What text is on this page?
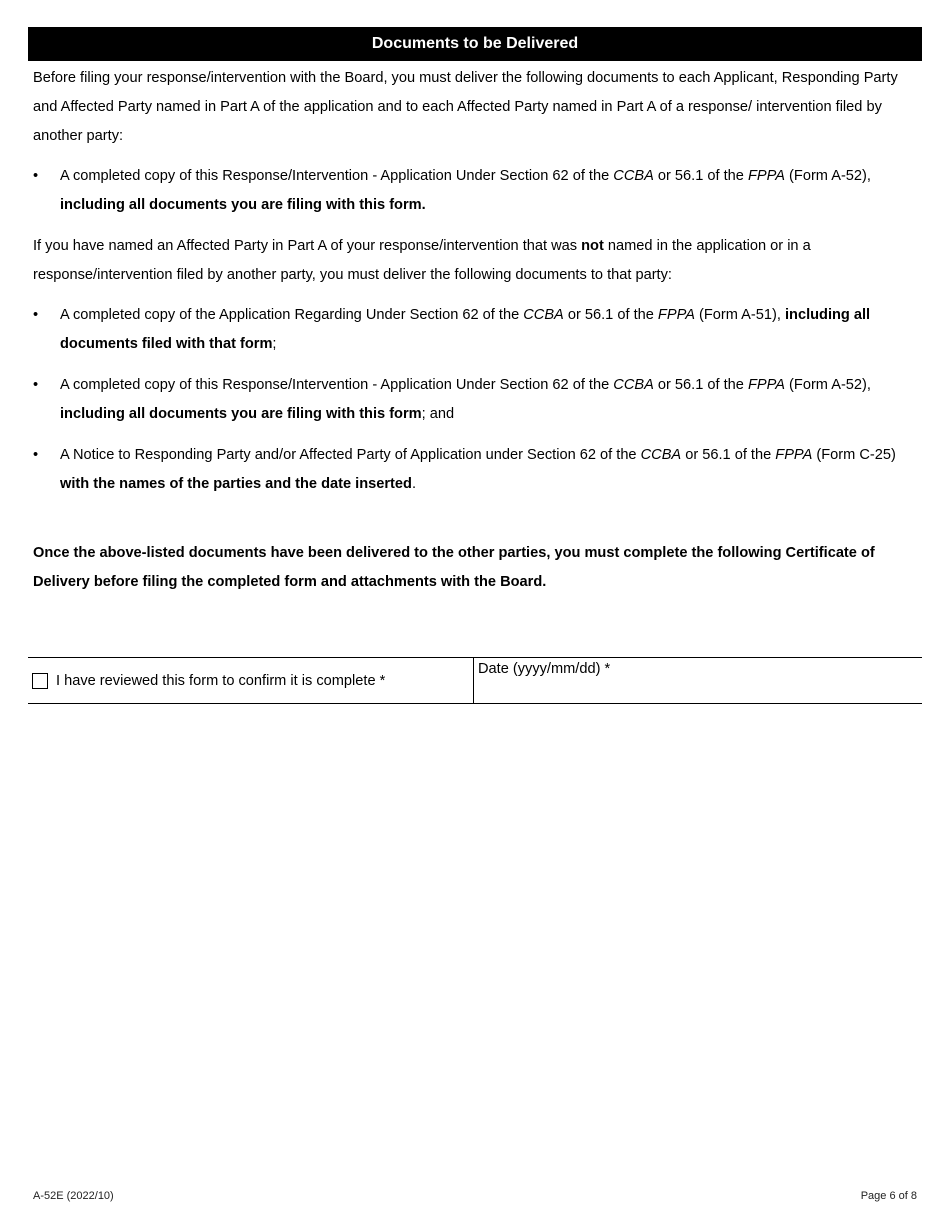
Documents to be Delivered

Before filing your response/intervention with the Board, you must deliver the following documents to each Applicant, Responding Party and Affected Party named in Part A of the application and to each Affected Party named in Part A of a response/ intervention filed by another party:

• A completed copy of this Response/Intervention - Application Under Section 62 of the CCBA or 56.1 of the FPPA (Form A-52), including all documents you are filing with this form.

If you have named an Affected Party in Part A of your response/intervention that was not named in the application or in a response/intervention filed by another party, you must deliver the following documents to that party:

• A completed copy of the Application Regarding Under Section 62 of the CCBA or 56.1 of the FPPA (Form A-51), including all documents filed with that form;
• A completed copy of this Response/Intervention - Application Under Section 62 of the CCBA or 56.1 of the FPPA (Form A-52), including all documents you are filing with this form; and
• A Notice to Responding Party and/or Affected Party of Application under Section 62 of the CCBA or 56.1 of the FPPA (Form C-25) with the names of the parties and the date inserted.

Once the above-listed documents have been delivered to the other parties, you must complete the following Certificate of Delivery before filing the completed form and attachments with the Board.

I have reviewed this form to confirm it is complete *
Date (yyyy/mm/dd) *
A-52E (2022/10)	Page 6 of 8
